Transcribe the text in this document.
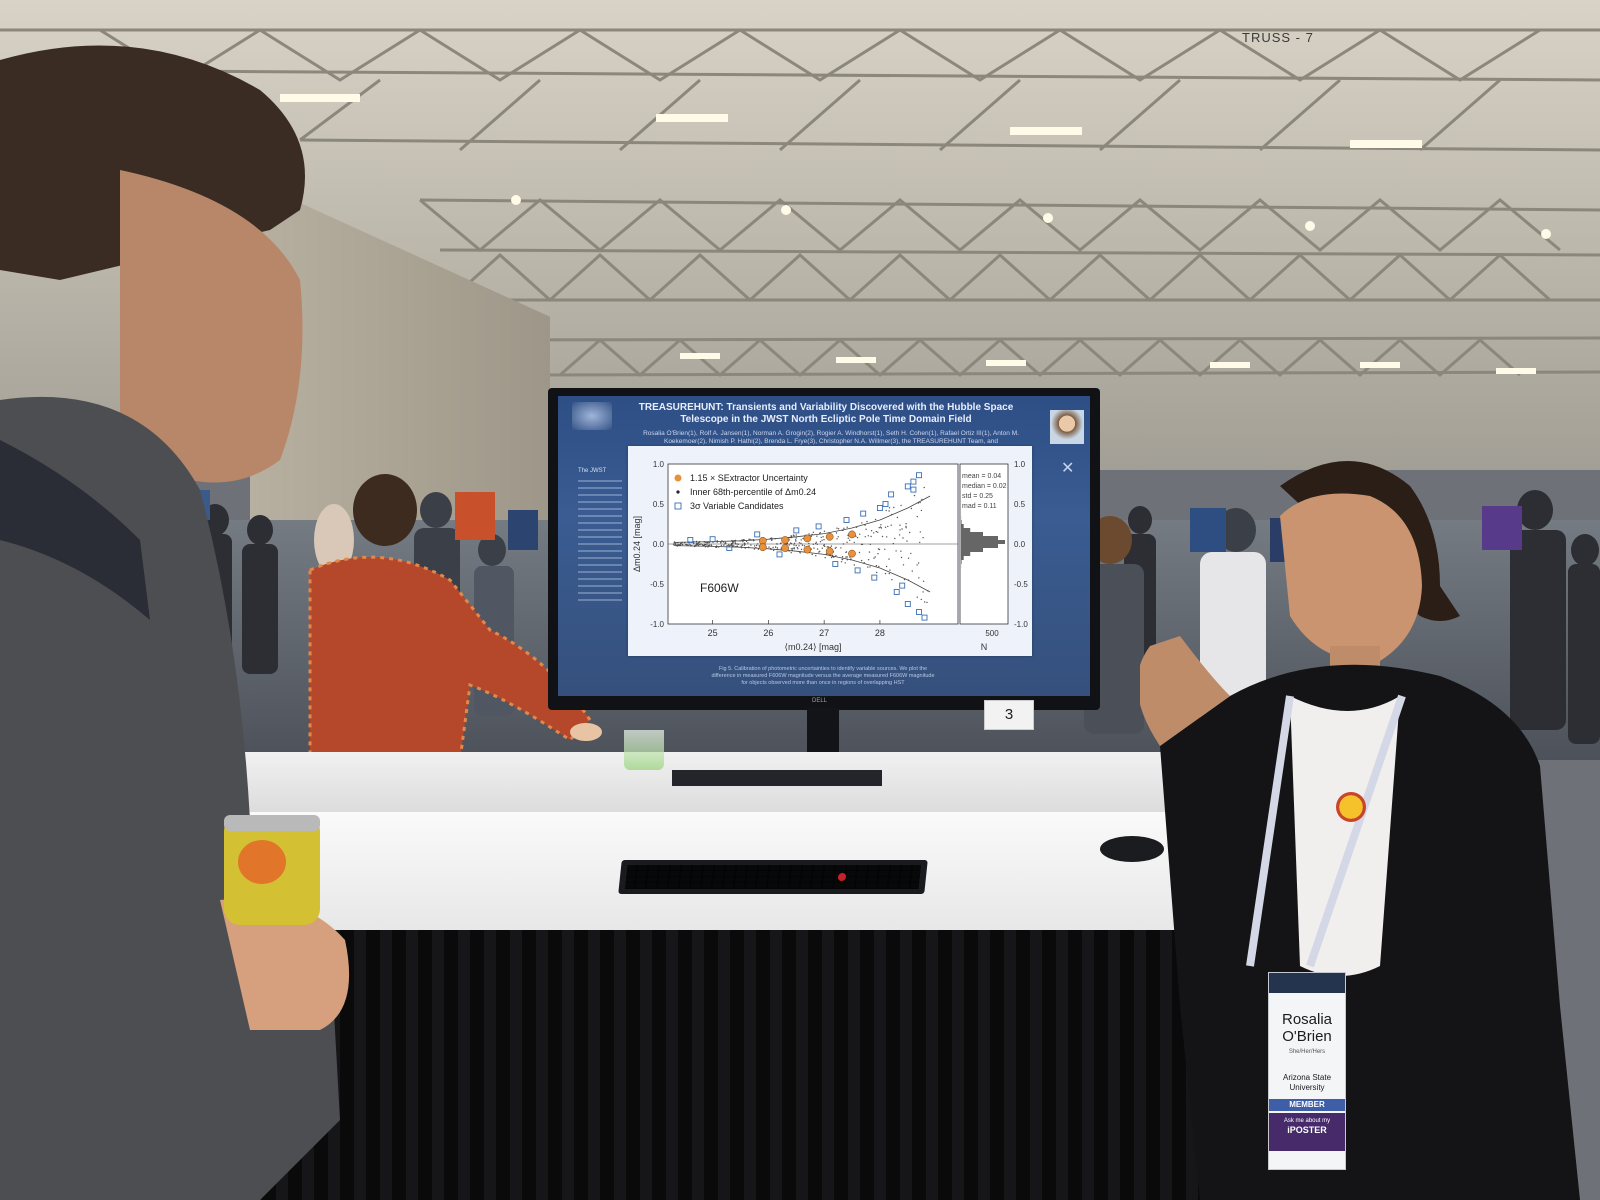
TRUSS - 7
TREASUREHUNT: Transients and Variability Discovered with the Hubble Space Telescope in the JWST North Ecliptic Pole Time Domain Field
Rosalia O'Brien(1), Rolf A. Jansen(1), Norman A. Grogin(2), Rogier A. Windhorst(1), Seth H. Cohen(1), Rafael Ortiz III(1), Anton M. Koekemoer(2), Nimish P. Hathi(2), Brenda L. Frye(3), Christopher N.A. Willmer(3), the TREASUREHUNT Team, and
The JWST	✕
25	26	27	28
1.0	1.0
0.5	0.5
0.0	0.0
-0.5	-0.5
-1.0	-1.0
500
N
⟨m0.24⟩ [mag]
Δm0.24 [mag]
1.15 × SExtractor Uncertainty
Inner 68th-percentile of Δm0.24
3σ Variable Candidates
mean = 0.04
median = 0.02
std = 0.25
mad = 0.11
F606W
Fig 5. Calibration of photometric uncertainties to identify variable sources. We plot the difference in measured F606W magnitude versus the average measured F606W magnitude for objects observed more than once in regions of overlapping HST
DELL
3
Rosalia
O'Brien
She/Her/Hers
Arizona State
University
MEMBER
Ask me about my
iPOSTER
